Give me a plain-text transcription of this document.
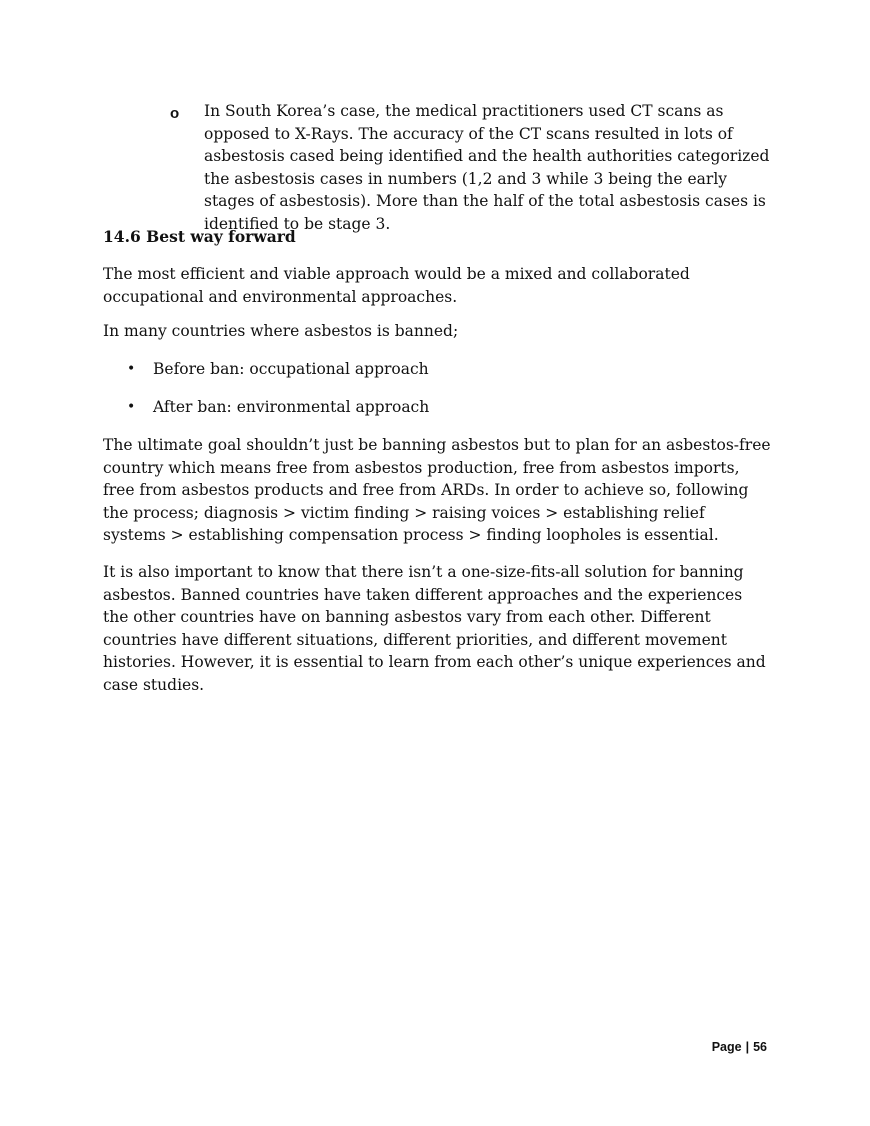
o In South Korea’s case, the medical practitioners used CT scans as opposed to X-Rays. The accuracy of the CT scans resulted in lots of asbestosis cased being identified and the health authorities categorized the asbestosis cases in numbers (1,2 and 3 while 3 being the early stages of asbestosis). More than the half of the total asbestosis cases is identified to be stage 3.
14.6 Best way forward
The most efficient and viable approach would be a mixed and collaborated occupational and environmental approaches.
In many countries where asbestos is banned;
• Before ban: occupational approach
• After ban: environmental approach
The ultimate goal shouldn’t just be banning asbestos but to plan for an asbestos-free country which means free from asbestos production, free from asbestos imports, free from asbestos products and free from ARDs. In order to achieve so, following the process; diagnosis > victim finding > raising voices > establishing relief systems > establishing compensation process > finding loopholes is essential.
It is also important to know that there isn’t a one-size-fits-all solution for banning asbestos. Banned countries have taken different approaches and the experiences the other countries have on banning asbestos vary from each other. Different countries have different situations, different priorities, and different movement histories. However, it is essential to learn from each other’s unique experiences and case studies.
Page | 56
